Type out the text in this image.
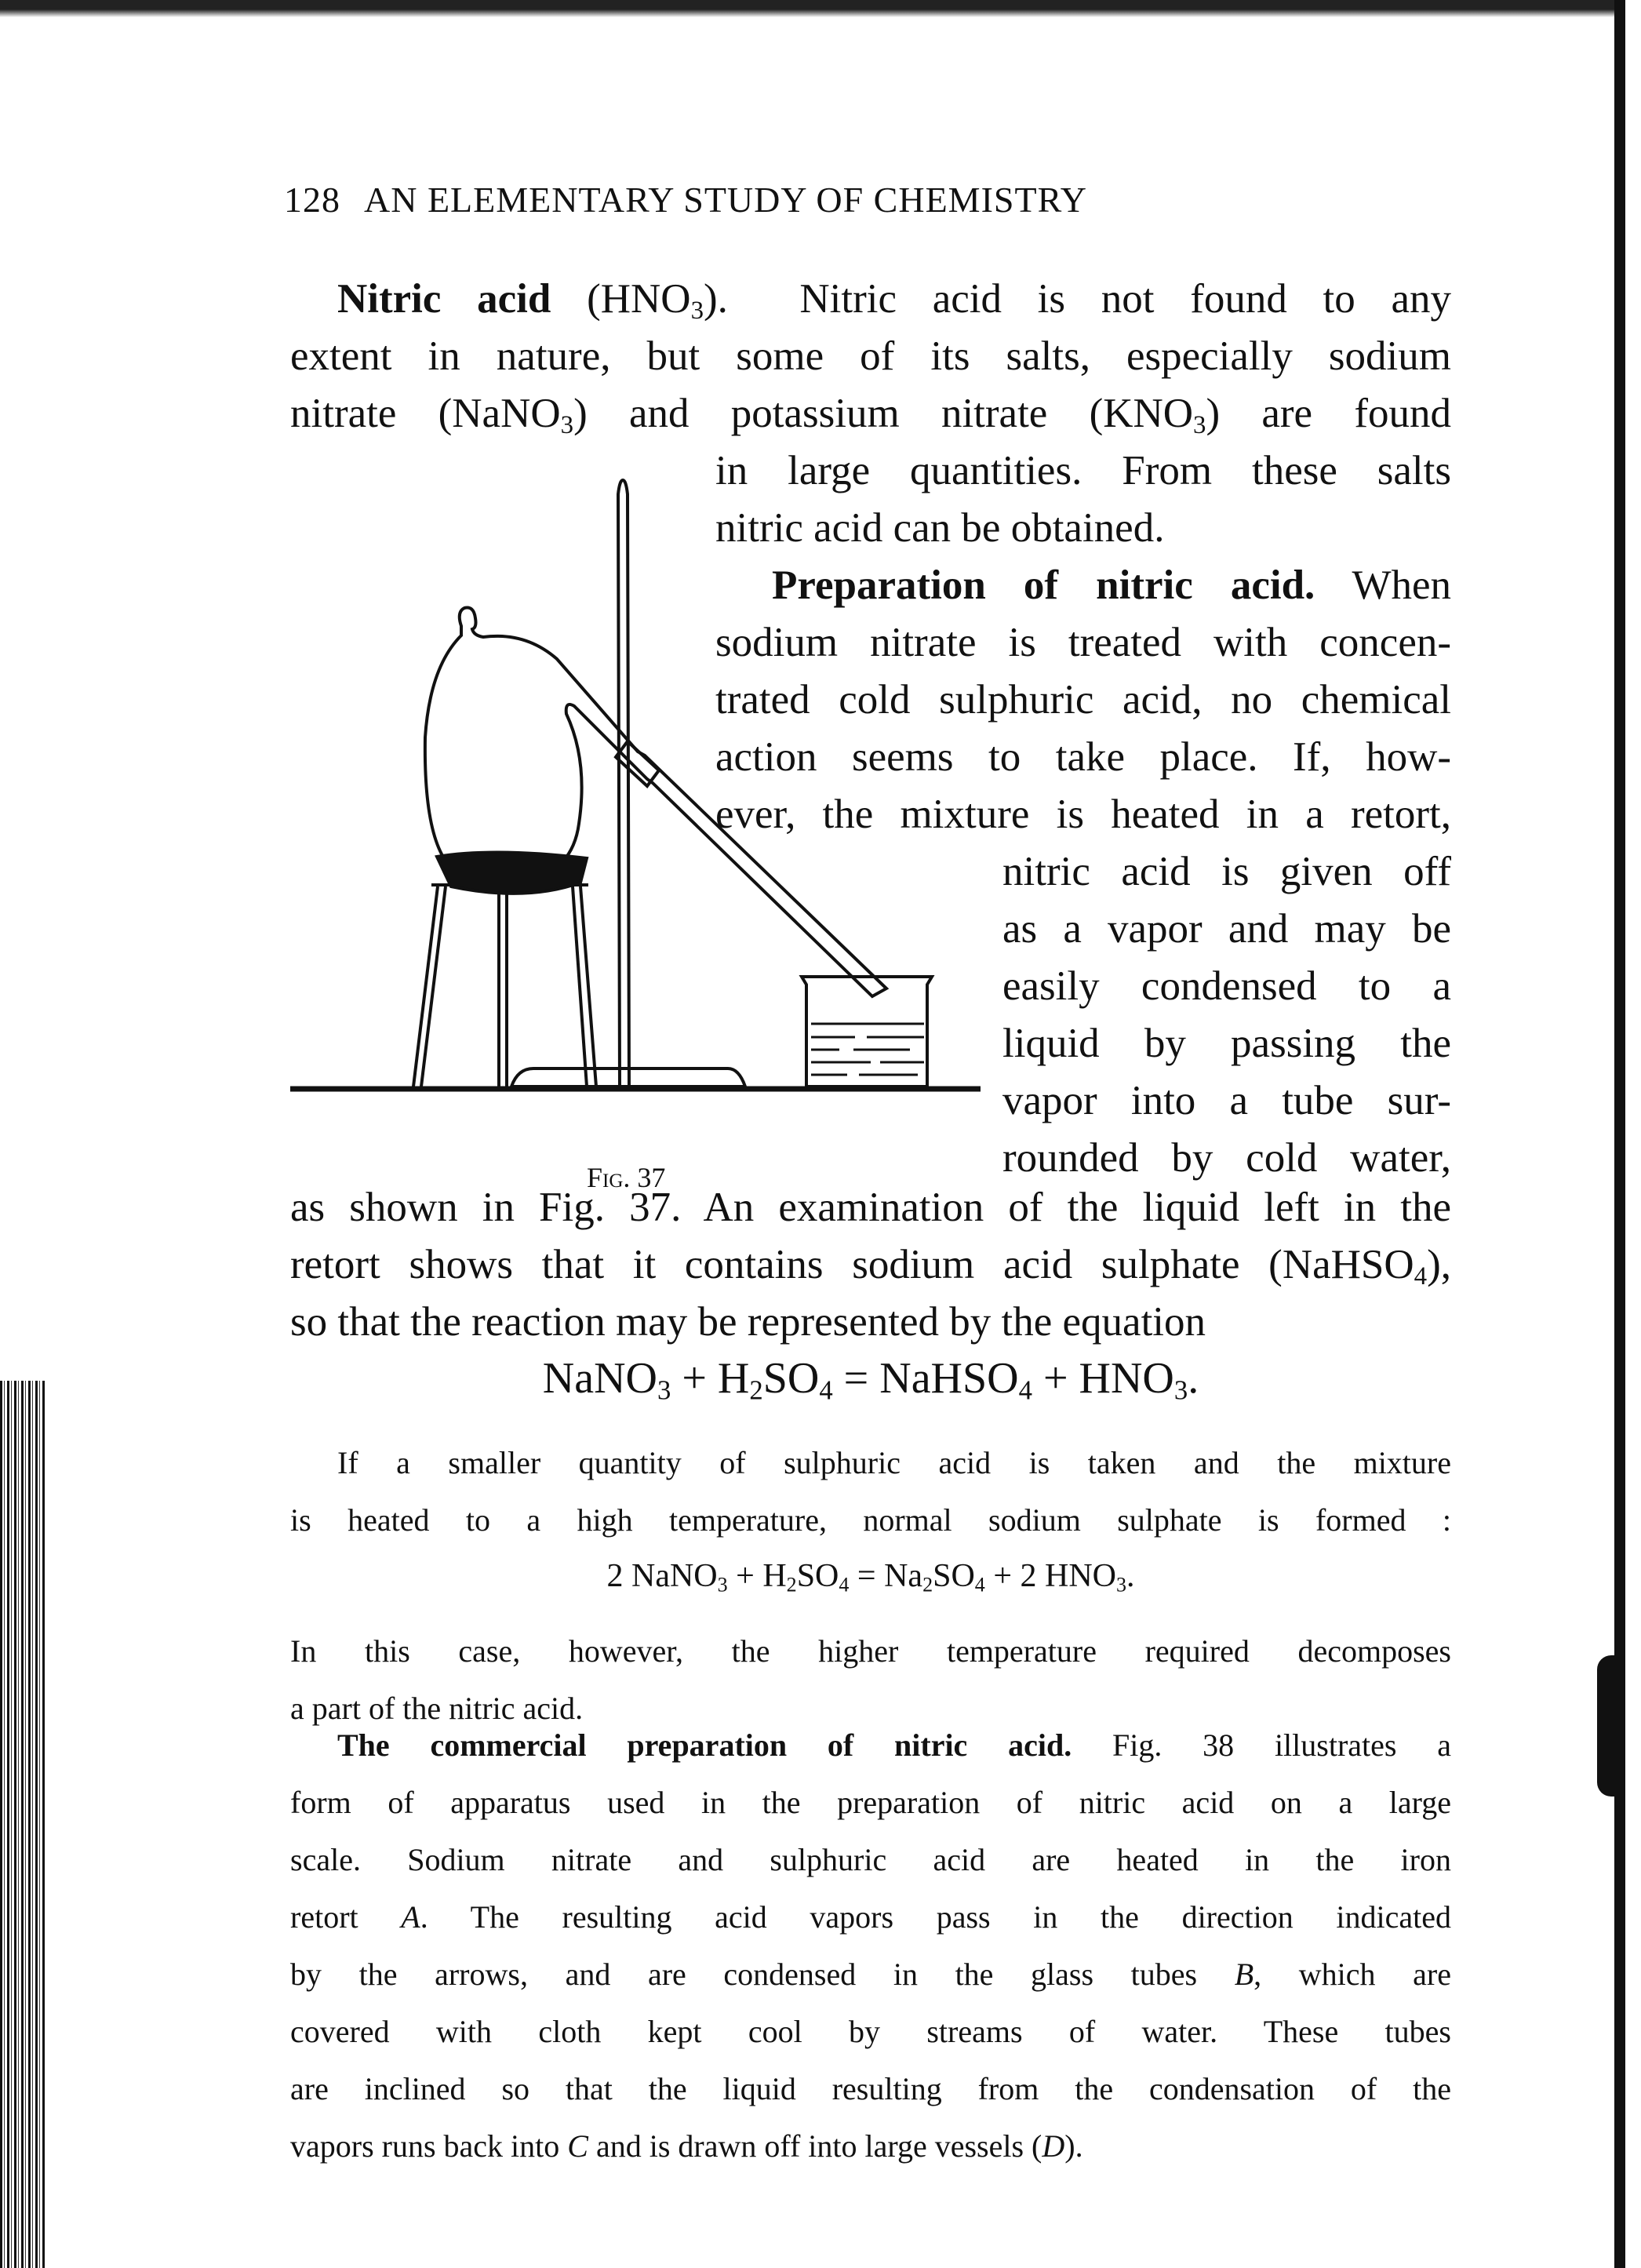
128 AN ELEMENTARY STUDY OF CHEMISTRY
Nitric acid $(HNO_3)$. Nitric acid is not found to any
extent in nature, but some of its salts, especially sodium
nitrate (NaNO$_3$) and potassium nitrate $(KNO_3)$ are found
in large quantities. From these salts
nitric acid can be obtained.
Preparation of nitric acid. When
sodium nitrate is treated with concen-
trated cold sulphuric acid, no chemical
action seems to take place. If, how-
ever, the mixture is heated in a retort,
nitric acid is given off
as a vapor and may be
easily condensed to a
liquid by passing the
vapor into a tube sur-
rounded by cold water,
Fig. 37
as shown in Fig. 37. An examination of the liquid left in the
retort shows that it contains sodium acid sulphate (NaHSO$_4$),
so that the reaction may be represented by the equation
NaNO$_3$ + $H_2SO_4$ = NaHSO$_4$ + $HNO_3$.
If a smaller quantity of sulphuric acid is taken and the mixture
is heated to a high temperature, normal sodium sulphate is formed :
2 NaNO$_3$ + $H_2SO_4 = Na_2SO_4 + 2$ $HNO_3$.
In this case, however, the higher temperature required decomposes
a part of the nitric acid.
The commercial preparation of nitric acid. Fig. 38 illustrates a
form of apparatus used in the preparation of nitric acid on a large
scale. Sodium nitrate and sulphuric acid are heated in the iron
retort A. The resulting acid vapors pass in the direction indicated
by the arrows, and are condensed in the glass tubes B, which are
covered with cloth kept cool by streams of water. These tubes
are inclined so that the liquid resulting from the condensation of the
vapors runs back into C and is drawn off into large vessels (D).
